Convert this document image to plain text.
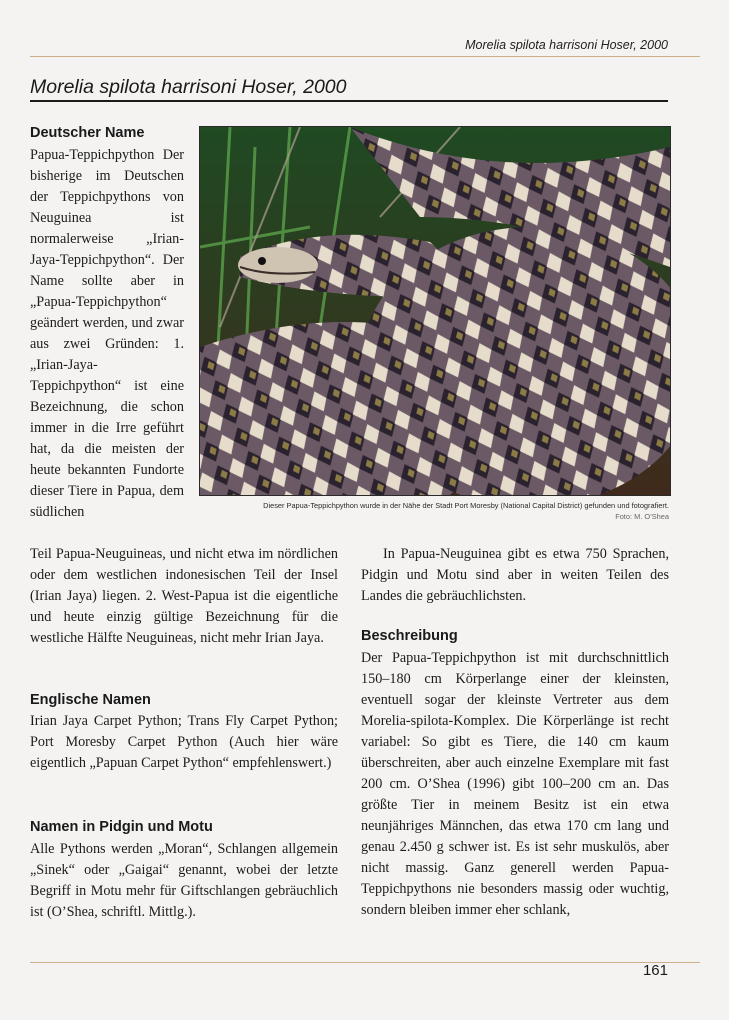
Morelia spilota harrisoni Hoser, 2000
Morelia spilota harrisoni Hoser, 2000
Deutscher Name

Papua-Teppichpython Der bisherige im Deutschen der Teppichpythons von Neuguinea ist normalerweise „Irian-Jaya-Teppichpython“. Der Name sollte aber in „Papua-Teppichpython“ geändert werden, und zwar aus zwei Gründen: 1. „Irian-Jaya-Teppichpython“ ist eine Bezeichnung, die schon immer in die Irre geführt hat, da die meisten der heute bekannten Fundorte dieser Tiere in Papua, dem südlichen

Teil Papua-Neuguineas, und nicht etwa im nördlichen oder dem westlichen indonesischen Teil der Insel (Irian Jaya) liegen. 2. West-Papua ist die eigentliche und heute einzig gültige Bezeichnung für die westliche Hälfte Neuguineas, nicht mehr Irian Jaya.

Englische Namen

Irian Jaya Carpet Python; Trans Fly Carpet Python; Port Moresby Carpet Python (Auch hier wäre eigentlich „Papuan Carpet Python“ empfehlenswert.)

Namen in Pidgin und Motu

Alle Pythons werden „Moran“, Schlangen allgemein „Sinek“ oder „Gaigai“ genannt, wobei der letzte Begriff in Motu mehr für Giftschlangen gebräuchlich ist (O’Shea, schriftl. Mittlg.).

Dieser Papua-Teppichpython wurde in der Nähe der Stadt Port Moresby (National Capital District) gefunden und fotografiert.
Foto: M. O’Shea

In Papua-Neuguinea gibt es etwa 750 Sprachen, Pidgin und Motu sind aber in weiten Teilen des Landes die gebräuchlichsten.

Beschreibung

Der Papua-Teppichpython ist mit durchschnittlich 150–180 cm Körperlange einer der kleinsten, eventuell sogar der kleinste Vertreter aus dem Morelia-spilota-Komplex. Die Körperlänge ist recht variabel: So gibt es Tiere, die 140 cm kaum überschreiten, aber auch einzelne Exemplare mit fast 200 cm. O’Shea (1996) gibt 100–200 cm an. Das größte Tier in meinem Besitz ist ein etwa neunjähriges Männchen, das etwa 170 cm lang und genau 2.450 g schwer ist. Es ist sehr muskulös, aber nicht massig. Ganz generell werden Papua-Teppichpythons nie besonders massig oder wuchtig, sondern bleiben immer eher schlank,

161
